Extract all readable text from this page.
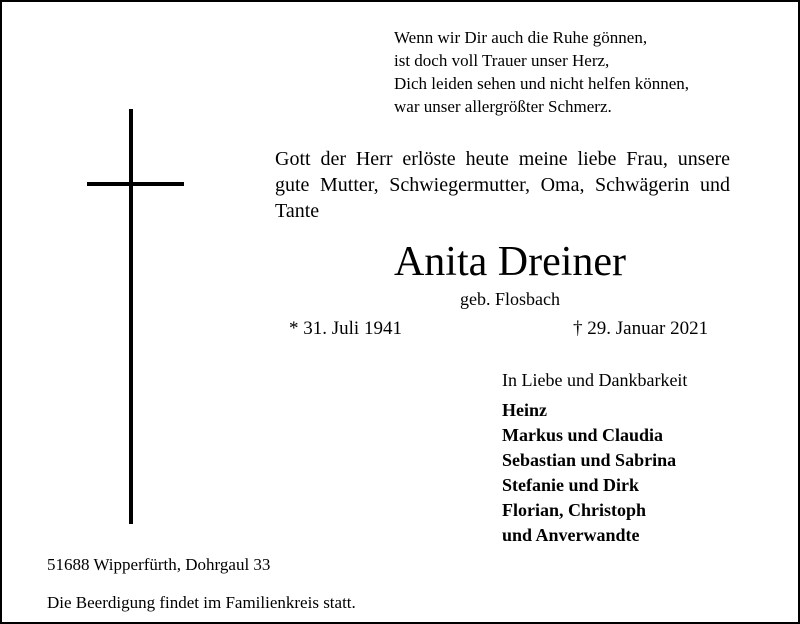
Wenn wir Dir auch die Ruhe gönnen,
ist doch voll Trauer unser Herz,
Dich leiden sehen und nicht helfen können,
war unser allergrößter Schmerz.
Gott der Herr erlöste heute meine liebe Frau, unsere gute Mutter, Schwiegermutter, Oma, Schwägerin und Tante
Anita Dreiner
geb. Flosbach
* 31. Juli 1941	† 29. Januar 2021
In Liebe und Dankbarkeit
Heinz
Markus und Claudia
Sebastian und Sabrina
Stefanie und Dirk
Florian, Christoph
und Anverwandte
51688 Wipperfürth, Dohrgaul 33
Die Beerdigung findet im Familienkreis statt.
